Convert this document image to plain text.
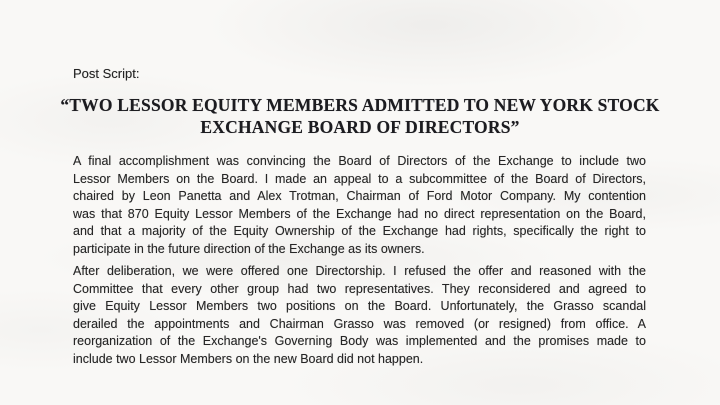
Post Script:
“TWO LESSOR EQUITY MEMBERS ADMITTED TO NEW YORK STOCK
EXCHANGE BOARD OF DIRECTORS”
A final accomplishment was convincing the Board of Directors of the Exchange to include two
Lessor Members on the Board. I made an appeal to a subcommittee of the Board of Directors,
chaired by Leon Panetta and Alex Trotman, Chairman of Ford Motor Company. My contention
was that 870 Equity Lessor Members of the Exchange had no direct representation on the Board,
and that a majority of the Equity Ownership of the Exchange had rights, specifically the right to
participate in the future direction of the Exchange as its owners.
After deliberation, we were offered one Directorship. I refused the offer and reasoned with the
Committee that every other group had two representatives. They reconsidered and agreed to
give Equity Lessor Members two positions on the Board. Unfortunately, the Grasso scandal
derailed the appointments and Chairman Grasso was removed (or resigned) from office. A
reorganization of the Exchange's Governing Body was implemented and the promises made to
include two Lessor Members on the new Board did not happen.
